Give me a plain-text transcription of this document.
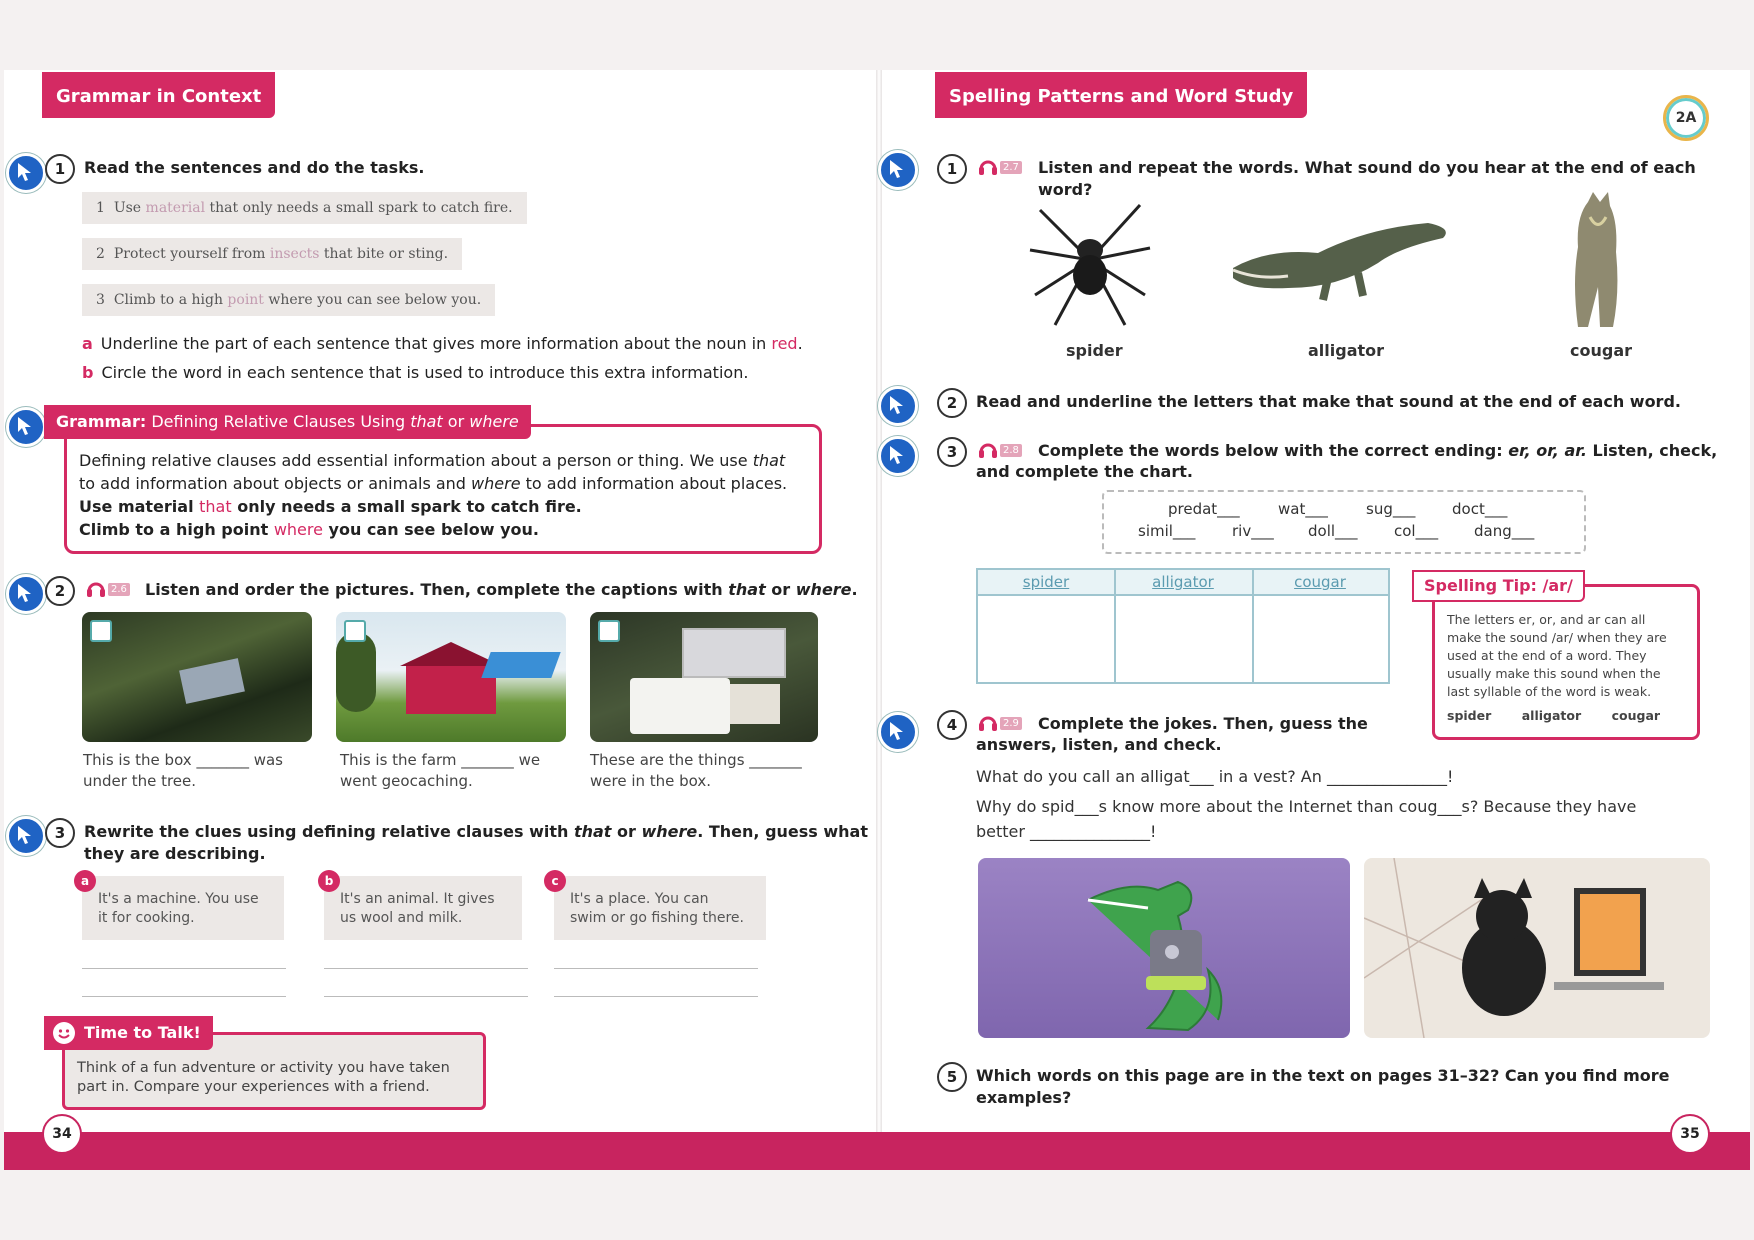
34	35
Grammar in Context
1	Read the sentences and do the tasks.
1 Use material that only needs a small spark to catch fire.
2 Protect yourself from insects that bite or sting.
3 Climb to a high point where you can see below you.
a Underline the part of each sentence that gives more information about the noun in red.
b Circle the word in each sentence that is used to introduce this extra information.
Defining relative clauses add essential information about a person or thing. We use that
to add information about objects or animals and where to add information about places.
Use material that only needs a small spark to catch fire.
Climb to a high point where you can see below you.
Grammar: Defining Relative Clauses Using that or where
2	2.6 Listen and order the pictures. Then, complete the captions with that or where.
This is the box _______ was
under the tree.
This is the farm _______ we
went geocaching.
These are the things _______
were in the box.
3	Rewrite the clues using defining relative clauses with that or where. Then, guess what
they are describing.
It's a machine. You use
it for cooking.
a
It's an animal. It gives
us wool and milk.
b
It's a place. You can
swim or go fishing there.
c
Think of a fun adventure or activity you have taken
part in. Compare your experiences with a friend.
Time to Talk!
Spelling Patterns and Word Study
2A
1	2.7 Listen and repeat the words. What sound do you hear at the end of each word?
spider	alligator	cougar
2	Read and underline the letters that make that sound at the end of each word.
3	2.8 Complete the words below with the correct ending: er, or, ar. Listen, check,
and complete the chart.
predat___	wat___	sug___ doct___
simil___ riv___ doll___ col___ dang___
spider	alligator	cougar
The letters er, or, and ar can all
make the sound /ar/ when they are
used at the end of a word. They
usually make this sound when the
last syllable of the word is weak.
spider alligator cougar
Spelling Tip: /ar/
4	2.9 Complete the jokes. Then, guess the
answers, listen, and check.
What do you call an alligat___ in a vest? An _______________!
Why do spid___s know more about the Internet than coug___s? Because they have
better _______________!
5	Which words on this page are in the text on pages 31–32? Can you find more examples?
